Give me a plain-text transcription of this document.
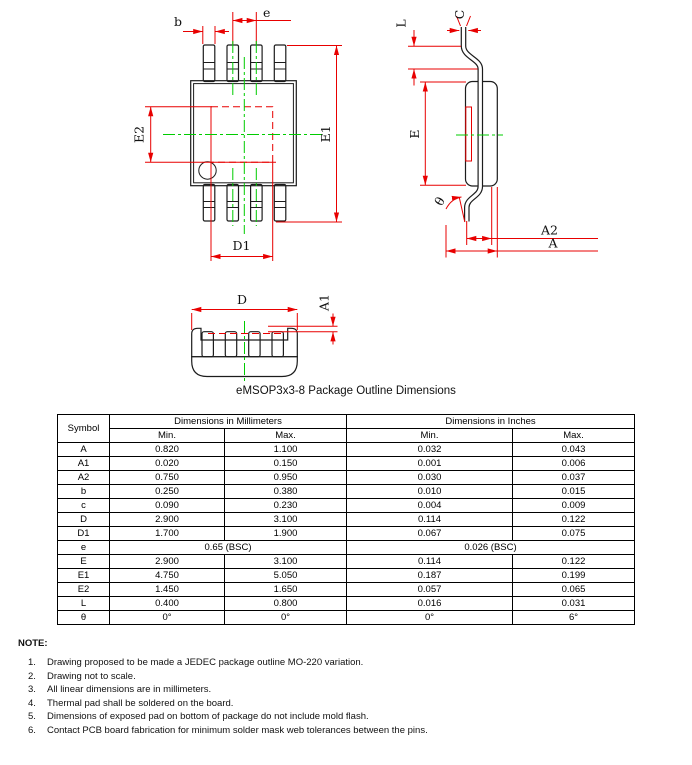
b
e
E2	E1
D1
C
L
E
θ
A2
A
D	A1
eMSOP3x3-8 Package Outline Dimensions
Symbol	Dimensions in Millimeters		Dimensions in Inches	
	Min.	Max.	Min.	Max.
A	0.820	1.100	0.032	0.043
A1	0.020	0.150	0.001	0.006
A2	0.750	0.950	0.030	0.037
b	0.250	0.380	0.010	0.015
c	0.090	0.230	0.004	0.009
D	2.900	3.100	0.114	0.122
D1	1.700	1.900	0.067	0.075
e	0.65 (BSC)		0.026 (BSC)	
E	2.900	3.100	0.114	0.122
E1	4.750	5.050	0.187	0.199
E2	1.450	1.650	0.057	0.065
L	0.400	0.800	0.016	0.031
θ	0°	0°	0°	6°
NOTE:
1.	Drawing proposed to be made a JEDEC package outline MO-220 variation.
2.	Drawing not to scale.
3.	All linear dimensions are in millimeters.
4.	Thermal pad shall be soldered on the board.
5.	Dimensions of exposed pad on bottom of package do not include mold flash.
6.	Contact PCB board fabrication for minimum solder mask web tolerances between the pins.
